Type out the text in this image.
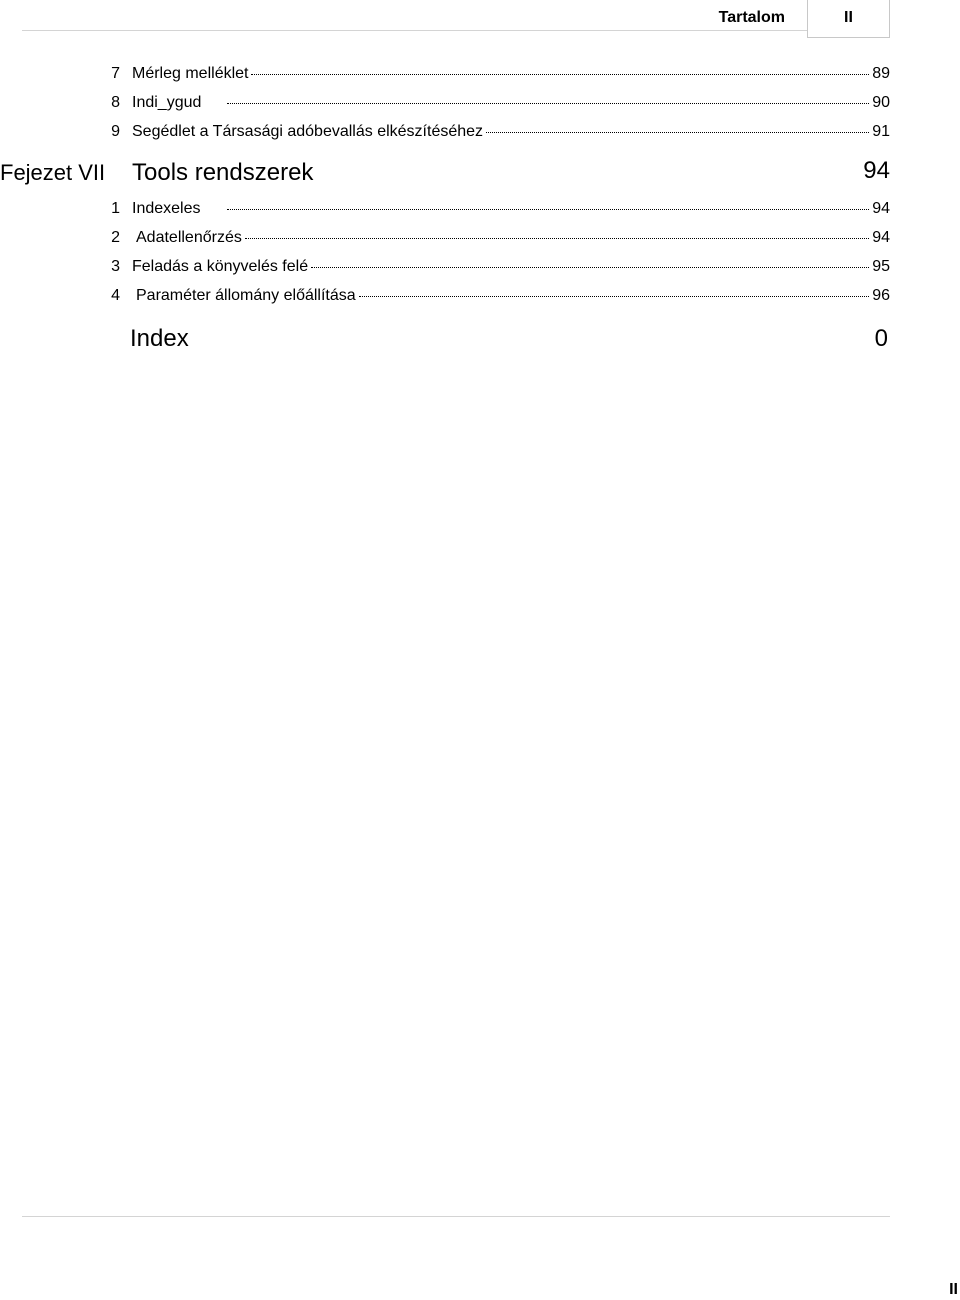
Tartalom	II
7 Mérleg melléklet	89
8 Indi_ygud	90
9 Segédlet a Társasági adóbevallás elkészítéséhez	91
Fejezet VII Tools rendszerek	94
1 Indexeles	94
2 Adatellenőrzés	94
3 Feladás a könyvelés felé	95
4 Paraméter állomány előállítása	96
Index	0
II
